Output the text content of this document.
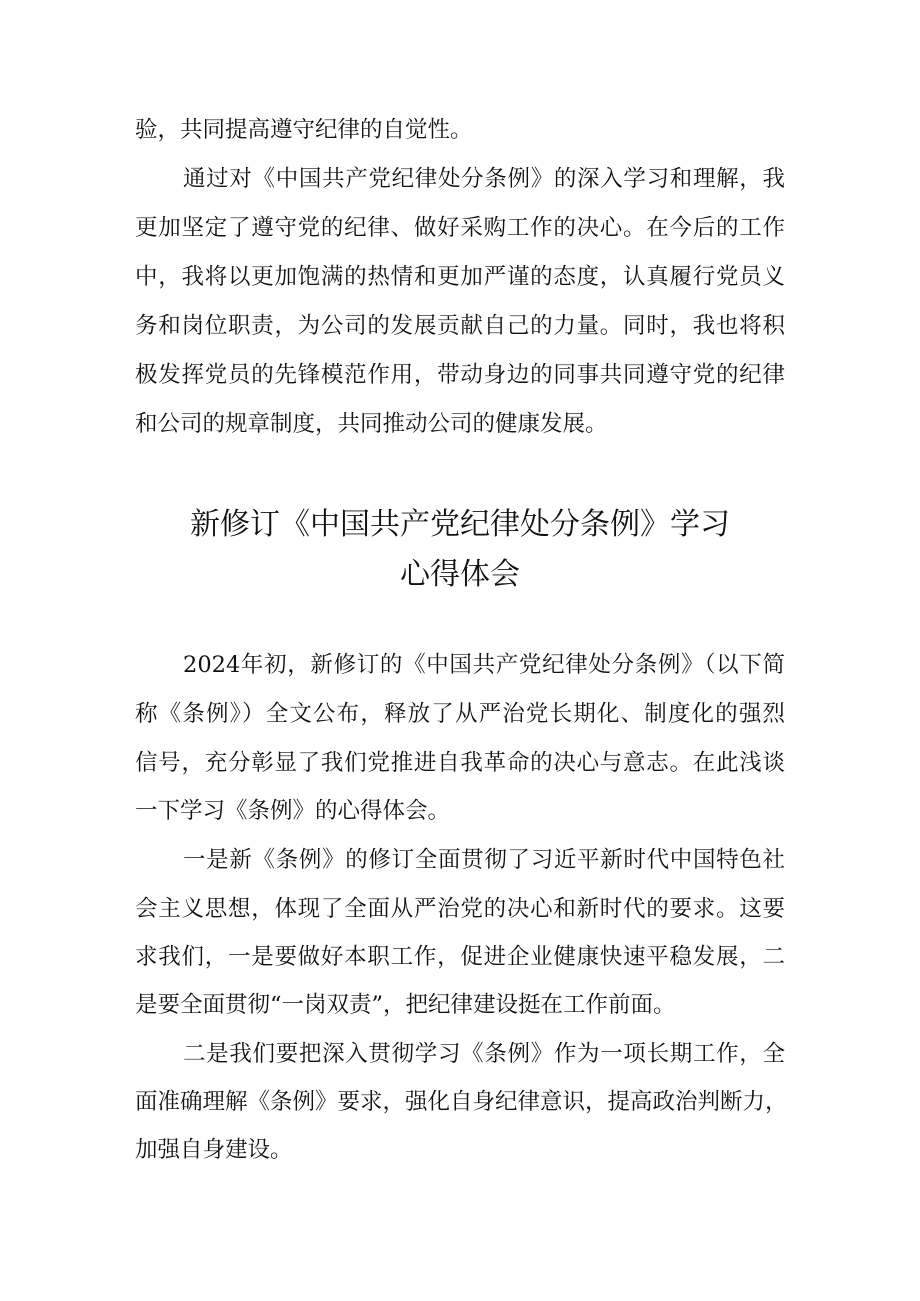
验，共同提高遵守纪律的自觉性。
通过对《中国共产党纪律处分条例》的深入学习和理解，我
更加坚定了遵守党的纪律、做好采购工作的决心。在今后的工作
中，我将以更加饱满的热情和更加严谨的态度，认真履行党员义
务和岗位职责，为公司的发展贡献自己的力量。同时，我也将积
极发挥党员的先锋模范作用，带动身边的同事共同遵守党的纪律
和公司的规章制度，共同推动公司的健康发展。
新修订《中国共产党纪律处分条例》学习
心得体会
2024年初，新修订的《中国共产党纪律处分条例》（以下简
称《条例》）全文公布，释放了从严治党长期化、制度化的强烈
信号，充分彰显了我们党推进自我革命的决心与意志。在此浅谈
一下学习《条例》的心得体会。
一是新《条例》的修订全面贯彻了习近平新时代中国特色社
会主义思想，体现了全面从严治党的决心和新时代的要求。这要
求我们，一是要做好本职工作，促进企业健康快速平稳发展，二
是要全面贯彻“一岗双责”，把纪律建设挺在工作前面。
二是我们要把深入贯彻学习《条例》作为一项长期工作，全
面准确理解《条例》要求，强化自身纪律意识，提高政治判断力，
加强自身建设。
